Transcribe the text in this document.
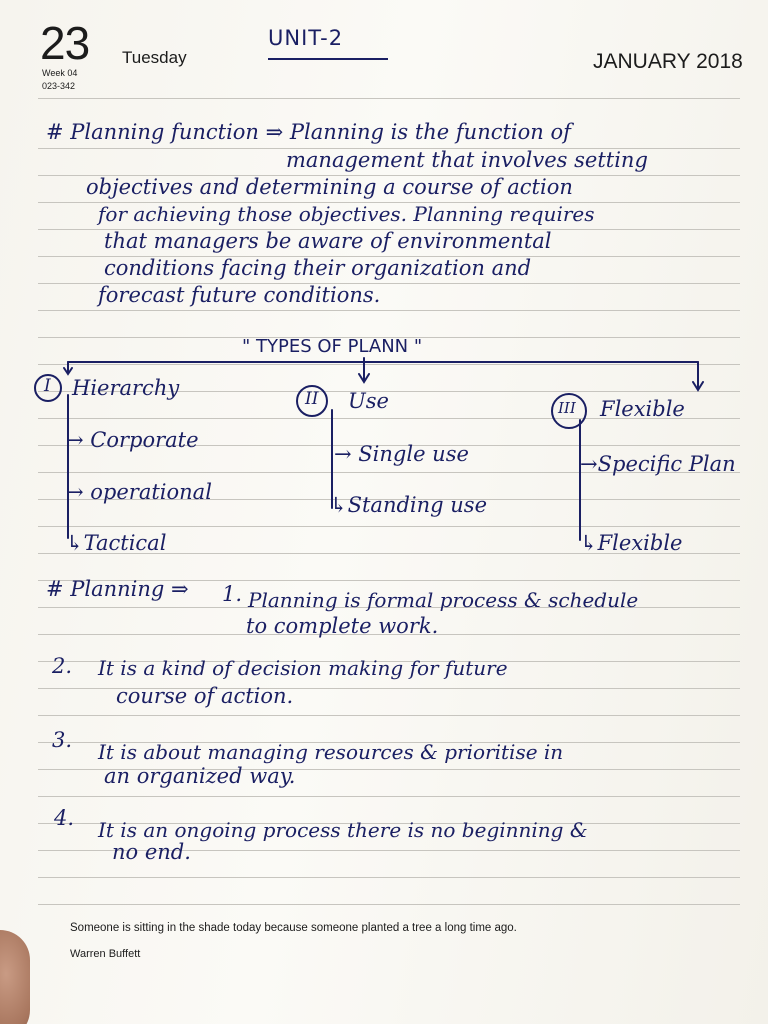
23 Tuesday
Week 04
023-342
JANUARY 2018
UNIT-2
# Planning function ⇒ Planning is the function of
management that involves setting
objectives and determining a course of action
for achieving those objectives. Planning requires
that managers be aware of environmental
conditions facing their organization and
forecast future conditions.
" TYPES OF PLANN "
I Hierarchy	II Use	III Flexible
→ Corporate
→ operational
↳Tactical
→ Single use
↳Standing use
→Specific Plan
↳Flexible
# Planning ⇒ 1. Planning is formal process & schedule
to complete work.
2. It is a kind of decision making for future
course of action.
3. It is about managing resources & prioritise in
an organized way.
4. It is an ongoing process there is no beginning &
no end.
Someone is sitting in the shade today because someone planted a tree a long time ago.
Warren Buffett
